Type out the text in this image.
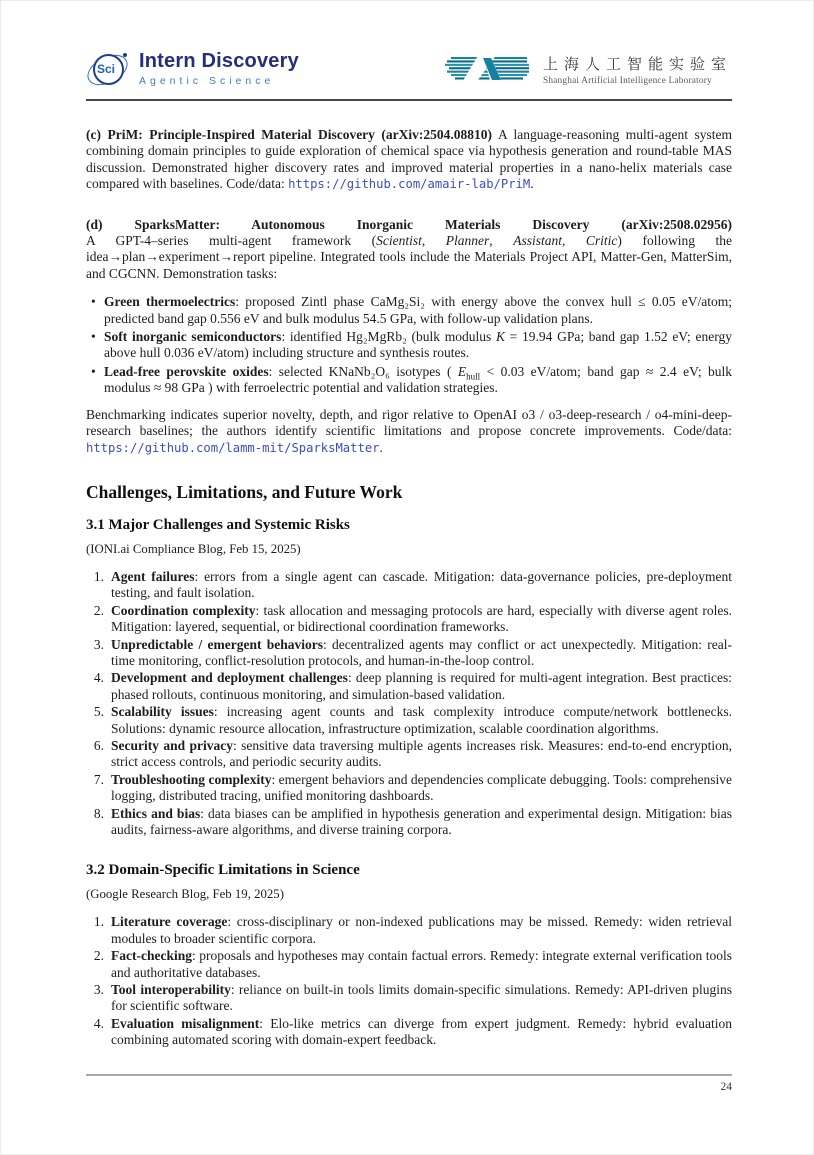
Sci Intern Discovery
Agentic Science
上海人工智能实验室
Shanghai Artificial Intelligence Laboratory

(c) PriM: Principle-Inspired Material Discovery (arXiv:2504.08810) A language-reasoning multi-agent system combining domain principles to guide exploration of chemical space via hypothesis generation and round-table MAS discussion. Demonstrated higher discovery rates and improved material properties in a nano-helix materials case compared with baselines. Code/data: https://github.com/amair-lab/PriM.

(d) SparksMatter: Autonomous Inorganic Materials Discovery (arXiv:2508.02956)
A GPT-4–series multi-agent framework (Scientist, Planner, Assistant, Critic) following the idea→plan→experiment→report pipeline. Integrated tools include the Materials Project API, Matter-Gen, MatterSim, and CGCNN. Demonstration tasks:

• Green thermoelectrics: proposed Zintl phase CaMg₂Si₂ with energy above the convex hull ≤ 0.05 eV/atom; predicted band gap 0.556 eV and bulk modulus 54.5 GPa, with follow-up validation plans.
• Soft inorganic semiconductors: identified Hg₂MgRb₂ (bulk modulus K = 19.94 GPa; band gap 1.52 eV; energy above hull 0.036 eV/atom) including structure and synthesis routes.
• Lead-free perovskite oxides: selected KNaNb₂O₆ isotypes ( $E_{hull} < 0.03$ eV/atom; band gap ≈ 2.4 eV; bulk modulus ≈ 98 GPa ) with ferroelectric potential and validation strategies.

Benchmarking indicates superior novelty, depth, and rigor relative to OpenAI o3 / o3-deep-research / o4-mini-deep-research baselines; the authors identify scientific limitations and propose concrete improvements. Code/data: https://github.com/lamm-mit/SparksMatter.

Challenges, Limitations, and Future Work
3.1 Major Challenges and Systemic Risks
(IONI.ai Compliance Blog, Feb 15, 2025)
Agent failures: errors from a single agent can cascade. Mitigation: data-governance policies, pre-deployment testing, and fault isolation.
Coordination complexity: task allocation and messaging protocols are hard, especially with diverse agent roles. Mitigation: layered, sequential, or bidirectional coordination frameworks.
Unpredictable / emergent behaviors: decentralized agents may conflict or act unexpectedly. Mitigation: real-time monitoring, conflict-resolution protocols, and human-in-the-loop control.
Development and deployment challenges: deep planning is required for multi-agent integration. Best practices: phased rollouts, continuous monitoring, and simulation-based validation.
Scalability issues: increasing agent counts and task complexity introduce compute/network bottlenecks. Solutions: dynamic resource allocation, infrastructure optimization, scalable coordination algorithms.
Security and privacy: sensitive data traversing multiple agents increases risk. Measures: end-to-end encryption, strict access controls, and periodic security audits.
Troubleshooting complexity: emergent behaviors and dependencies complicate debugging. Tools: comprehensive logging, distributed tracing, unified monitoring dashboards.
Ethics and bias: data biases can be amplified in hypothesis generation and experimental design. Mitigation: bias audits, fairness-aware algorithms, and diverse training corpora.
3.2 Domain-Specific Limitations in Science
(Google Research Blog, Feb 19, 2025)
Literature coverage: cross-disciplinary or non-indexed publications may be missed. Remedy: widen retrieval modules to broader scientific corpora.
Fact-checking: proposals and hypotheses may contain factual errors. Remedy: integrate external verification tools and authoritative databases.
Tool interoperability: reliance on built-in tools limits domain-specific simulations. Remedy: API-driven plugins for scientific software.
Evaluation misalignment: Elo-like metrics can diverge from expert judgment. Remedy: hybrid evaluation combining automated scoring with domain-expert feedback.
24
